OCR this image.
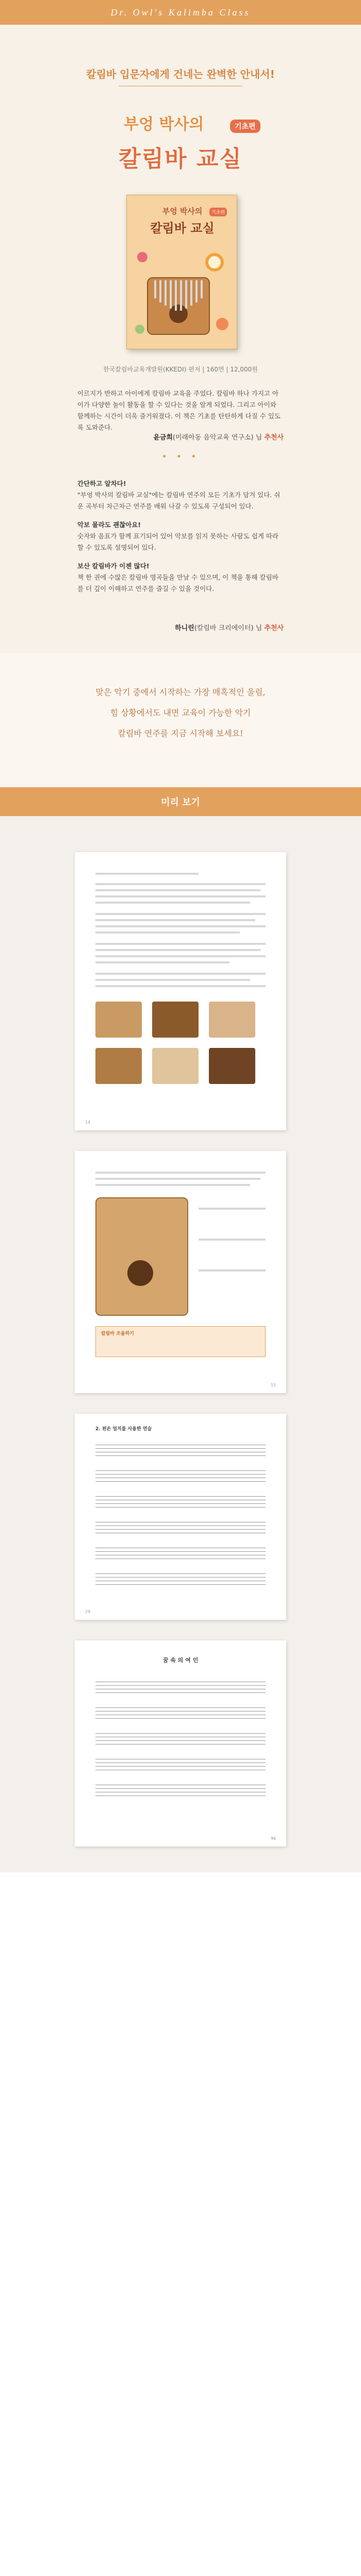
Dr. Owl's Kalimba Class
칼림바 입문자에게 건네는 완벽한 안내서!
부엉 박사의	기초편
칼림바 교실
부엉 박사의	기초편
칼림바 교실
한국칼림바교육개발원(KKEDI) 편저 | 160면 | 12,000원
이르지가 반하고 아이에게 칼림바 교육을 주었다. 칼림바 하나 가지고 아이가 다양한 놀이 활동을 할 수 있다는 것을 알게 되었다. 그리고 아이와 함께하는 시간이 더욱 즐거워졌다. 이 책은 기초를 탄탄하게 다질 수 있도록 도와준다.
윤금희(미래아동 음악교육 연구소) 님 추천사
• • •
간단하고 알차다!
"부엉 박사의 칼림바 교실"에는 칼림바 연주의 모든 기초가 담겨 있다. 쉬운 곡부터 차근차근 연주를 배워 나갈 수 있도록 구성되어 있다.
악보 몰라도 괜찮아요!
숫자와 음표가 함께 표기되어 있어 악보를 읽지 못하는 사람도 쉽게 따라 할 수 있도록 설명되어 있다.
보산 칼림바가 이젠 많다!
책 한 권에 수많은 칼림바 명곡들을 만날 수 있으며, 이 책을 통해 칼림바를 더 깊이 이해하고 연주를 즐길 수 있을 것이다.
하니린(칼림바 크리에이터) 님 추천사
맞은 악기 중에서 시작하는 가장 매혹적인 울림,
힘 상황에서도 내면 교육이 가능한 악기
칼림바 연주를 지금 시작해 보세요!
미리 보기
14
칼림바 조율하기
15
2. 왼손 엄지를 사용한 연습
29
꿈 속 의 여 인
96
